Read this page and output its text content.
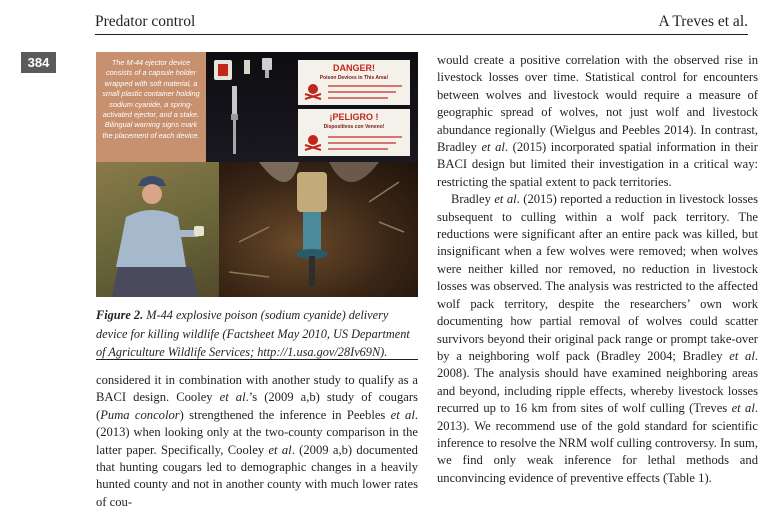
Predator control	A Treves et al.
384	The M-44 ejector device consists of a capsule holder wrapped with soft material, a small plastic container holding sodium cyanide, a spring-activated ejector, and a stake. Bilingual warning signs mark the placement of each device.
DANGER!
Poison Devices in This Area!
¡PELIGRO !
Dispositivos con Veneno!
Figure 2. M-44 explosive poison (sodium cyanide) delivery device for killing wildlife (Factsheet May 2010, US Department of Agriculture Wildlife Services; http://1.usa.gov/28Iv69N).

considered it in combination with another study to qualify as a BACI design. Cooley et al.’s (2009 a,b) study of cougars (Puma concolor) strengthened the inference in Peebles et al. (2013) when looking only at the two-county comparison in the latter paper. Specifically, Cooley et al. (2009 a,b) documented that hunting cougars led to demographic changes in a heavily hunted county and not in another county with much lower rates of cou-

would create a positive correlation with the observed rise in livestock losses over time. Statistical control for encounters between wolves and livestock would require a measure of geographic spread of wolves, not just wolf and livestock abundance regionally (Wielgus and Peebles 2014). In contrast, Bradley et al. (2015) incorporated spatial information in their BACI design but limited their investigation in a critical way: restricting the spatial extent to pack territories.

Bradley et al. (2015) reported a reduction in livestock losses subsequent to culling within a wolf pack territory. The reductions were significant after an entire pack was killed, but insignificant when a few wolves were removed; when wolves were neither killed nor removed, no reduction in livestock losses was observed. The analysis was restricted to the affected wolf pack territory, despite the researchers’ own work documenting how partial removal of wolves could scatter survivors beyond their original pack range or prompt take-over by a neighboring wolf pack (Bradley 2004; Bradley et al. 2008). The analysis should have examined neighboring areas and beyond, including ripple effects, whereby livestock losses recurred up to 16 km from sites of wolf culling (Treves et al. 2013). We recommend use of the gold standard for scientific inference to resolve the NRM wolf culling controversy. In sum, we find only weak inference for lethal methods and unconvincing evidence of preventive effects (Table 1).
